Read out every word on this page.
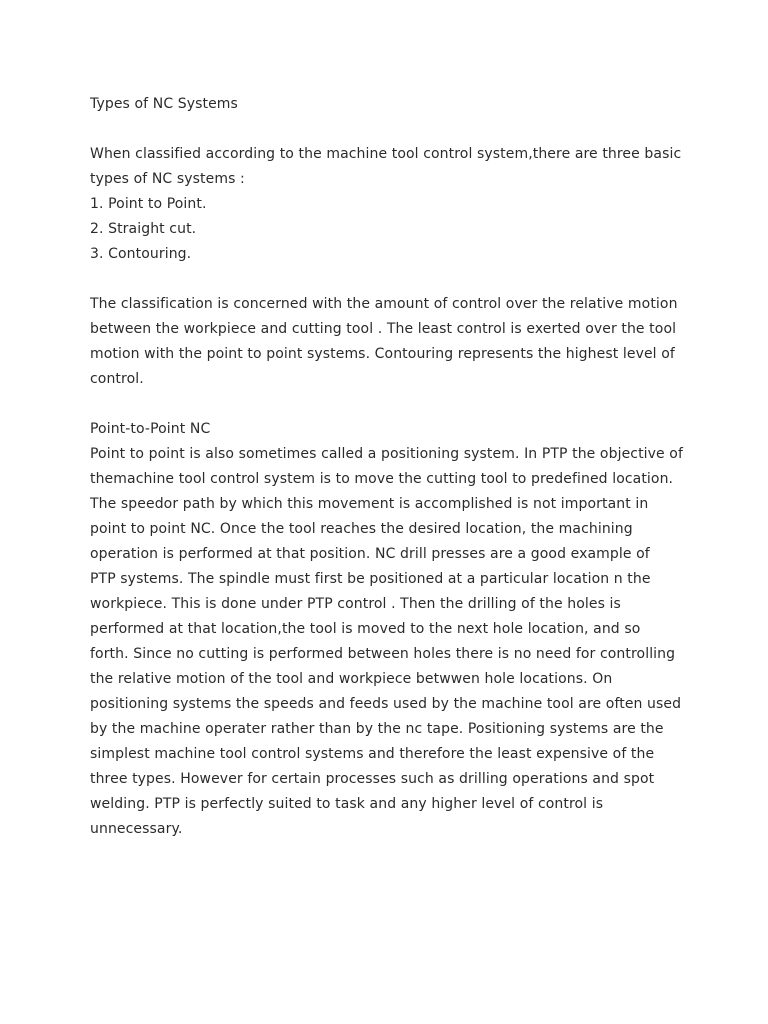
Types of NC Systems
When classified according to the machine tool control system,there are three basic
types of NC systems :
1. Point to Point.
2. Straight cut.
3. Contouring.
The classification is concerned with the amount of control over the relative motion
between the workpiece and cutting tool . The least control is exerted over the tool
motion with the point to point systems. Contouring represents the highest level of
control.
Point-to-Point NC
Point to point is also sometimes called a positioning system. In PTP the objective of
themachine tool control system is to move the cutting tool to predefined location.
The speedor path by which this movement is accomplished is not important in
point to point NC. Once the tool reaches the desired location, the machining
operation is performed at that position. NC drill presses are a good example of
PTP systems. The spindle must first be positioned at a particular location n the
workpiece. This is done under PTP control . Then the drilling of the holes is
performed at that location,the tool is moved to the next hole location, and so
forth. Since no cutting is performed between holes there is no need for controlling
the relative motion of the tool and workpiece betwwen hole locations. On
positioning systems the speeds and feeds used by the machine tool are often used
by the machine operater rather than by the nc tape. Positioning systems are the
simplest machine tool control systems and therefore the least expensive of the
three types. However for certain processes such as drilling operations and spot
welding. PTP is perfectly suited to task and any higher level of control is
unnecessary.
